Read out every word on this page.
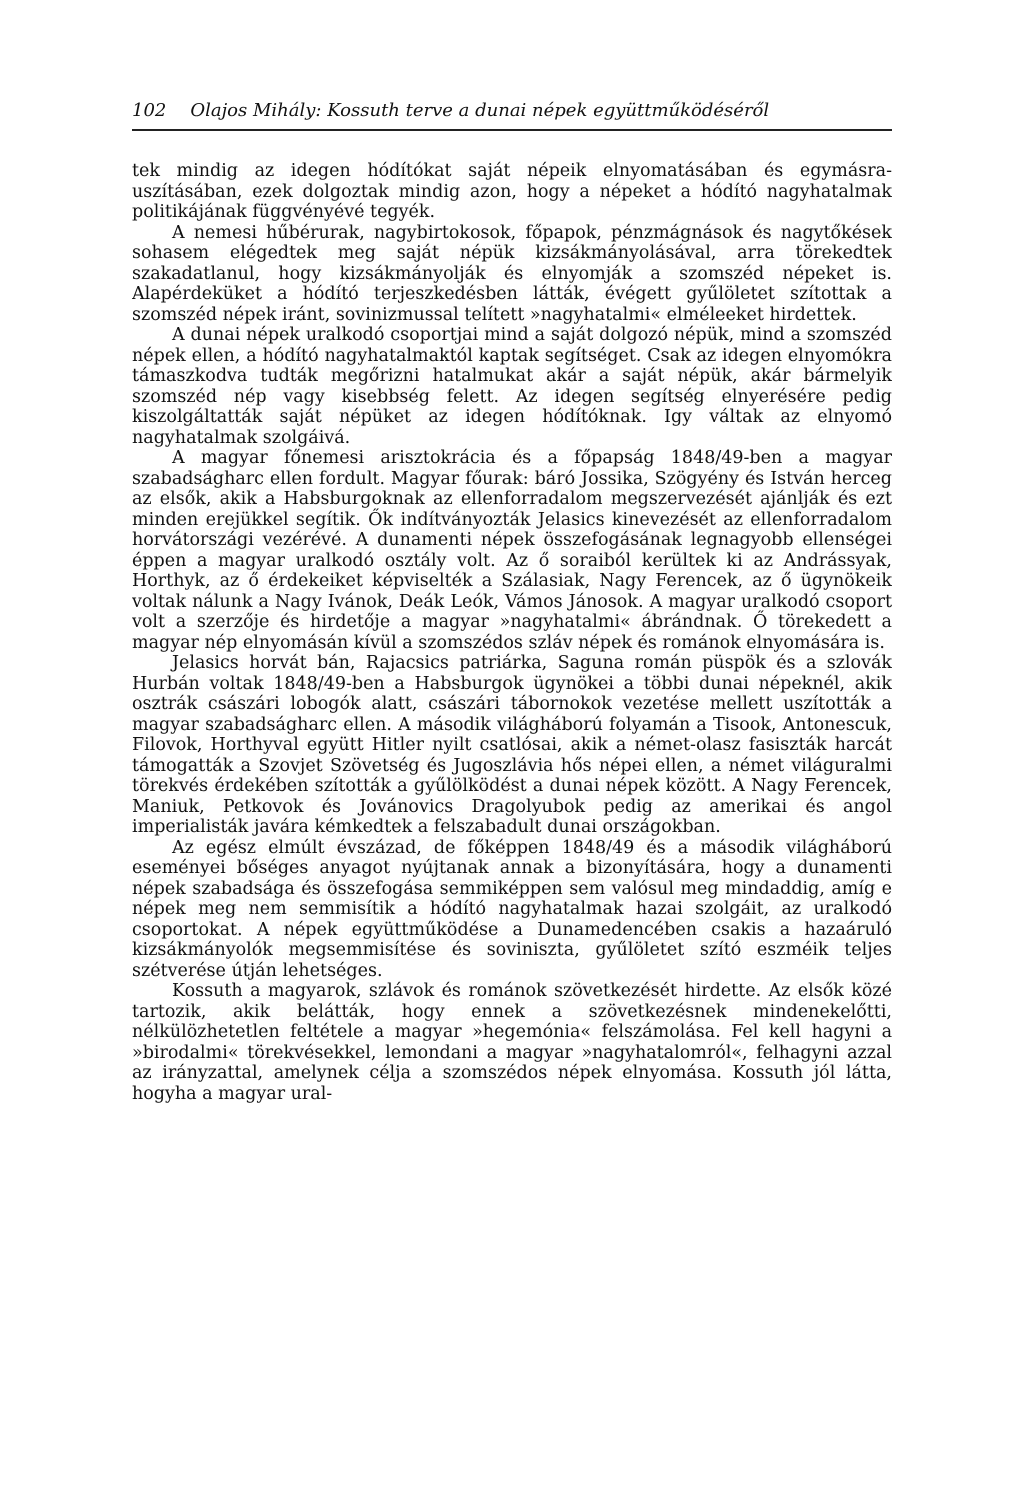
102 Olajos Mihály: Kossuth terve a dunai népek együttműködéséről

tek mindig az idegen hódítókat saját népeik elnyomatásában és egymásra-uszításában, ezek dolgoztak mindig azon, hogy a népeket a hódító nagyhatalmak politikájának függvényévé tegyék.

A nemesi hűbérurak, nagybirtokosok, főpapok, pénzmágnások és nagytőkések sohasem elégedtek meg saját népük kizsákmányolásával, arra törekedtek szakadatlanul, hogy kizsákmányolják és elnyomják a szomszéd népeket is. Alapérdeküket a hódító terjeszkedésben látták, évégett gyűlöletet szítottak a szomszéd népek iránt, sovinizmussal telített »nagyhatalmi« elméleeket hirdettek.

A dunai népek uralkodó csoportjai mind a saját dolgozó népük, mind a szomszéd népek ellen, a hódító nagyhatalmaktól kaptak segítséget. Csak az idegen elnyomókra támaszkodva tudták megőrizni hatalmukat akár a saját népük, akár bármelyik szomszéd nép vagy kisebbség felett. Az idegen segítség elnyerésére pedig kiszolgáltatták saját népüket az idegen hódítóknak. Igy váltak az elnyomó nagyhatalmak szolgáivá.

A magyar főnemesi arisztokrácia és a főpapság 1848/49-ben a magyar szabadságharc ellen fordult. Magyar főurak: báró Jossika, Szögyény és István herceg az elsők, akik a Habsburgoknak az ellenforradalom megszervezését ajánlják és ezt minden erejükkel segítik. Ők indítványozták Jelasics kinevezését az ellenforradalom horvátországi vezérévé. A dunamenti népek összefogásának legnagyobb ellenségei éppen a magyar uralkodó osztály volt. Az ő soraiból kerültek ki az Andrássyak, Horthyk, az ő érdekeiket képviselték a Szálasiak, Nagy Ferencek, az ő ügynökeik voltak nálunk a Nagy Ivánok, Deák Leók, Vámos Jánosok. A magyar uralkodó csoport volt a szerzője és hirdetője a magyar »nagyhatalmi« ábrándnak. Ő törekedett a magyar nép elnyomásán kívül a szomszédos szláv népek és románok elnyomására is.

Jelasics horvát bán, Rajacsics patriárka, Saguna román püspök és a szlovák Hurbán voltak 1848/49-ben a Habsburgok ügynökei a többi dunai népeknél, akik osztrák császári lobogók alatt, császári tábornokok vezetése mellett uszították a magyar szabadságharc ellen. A második világháború folyamán a Tisook, Antonescuk, Filovok, Horthyval együtt Hitler nyilt csatlósai, akik a német-olasz fasiszták harcát támogatták a Szovjet Szövetség és Jugoszlávia hős népei ellen, a német világuralmi törekvés érdekében szították a gyűlölködést a dunai népek között. A Nagy Ferencek, Maniuk, Petkovok és Jovánovics Dragolyubok pedig az amerikai és angol imperialisták javára kémkedtek a felszabadult dunai országokban.

Az egész elmúlt évszázad, de főképpen 1848/49 és a második világháború eseményei bőséges anyagot nyújtanak annak a bizonyítására, hogy a dunamenti népek szabadsága és összefogása semmiképpen sem valósul meg mindaddig, amíg e népek meg nem semmisítik a hódító nagyhatalmak hazai szolgáit, az uralkodó csoportokat. A népek együttműködése a Dunamedencében csakis a hazaáruló kizsákmányolók megsemmisítése és soviniszta, gyűlöletet szító eszméik teljes szétverése útján lehetséges.

Kossuth a magyarok, szlávok és románok szövetkezését hirdette. Az elsők közé tartozik, akik belátták, hogy ennek a szövetkezésnek mindenekelőtti, nélkülözhetetlen feltétele a magyar »hegemónia« felszámolása. Fel kell hagyni a »birodalmi« törekvésekkel, lemondani a magyar »nagyhatalomról«, felhagyni azzal az irányzattal, amelynek célja a szomszédos népek elnyomása. Kossuth jól látta, hogyha a magyar ural-
